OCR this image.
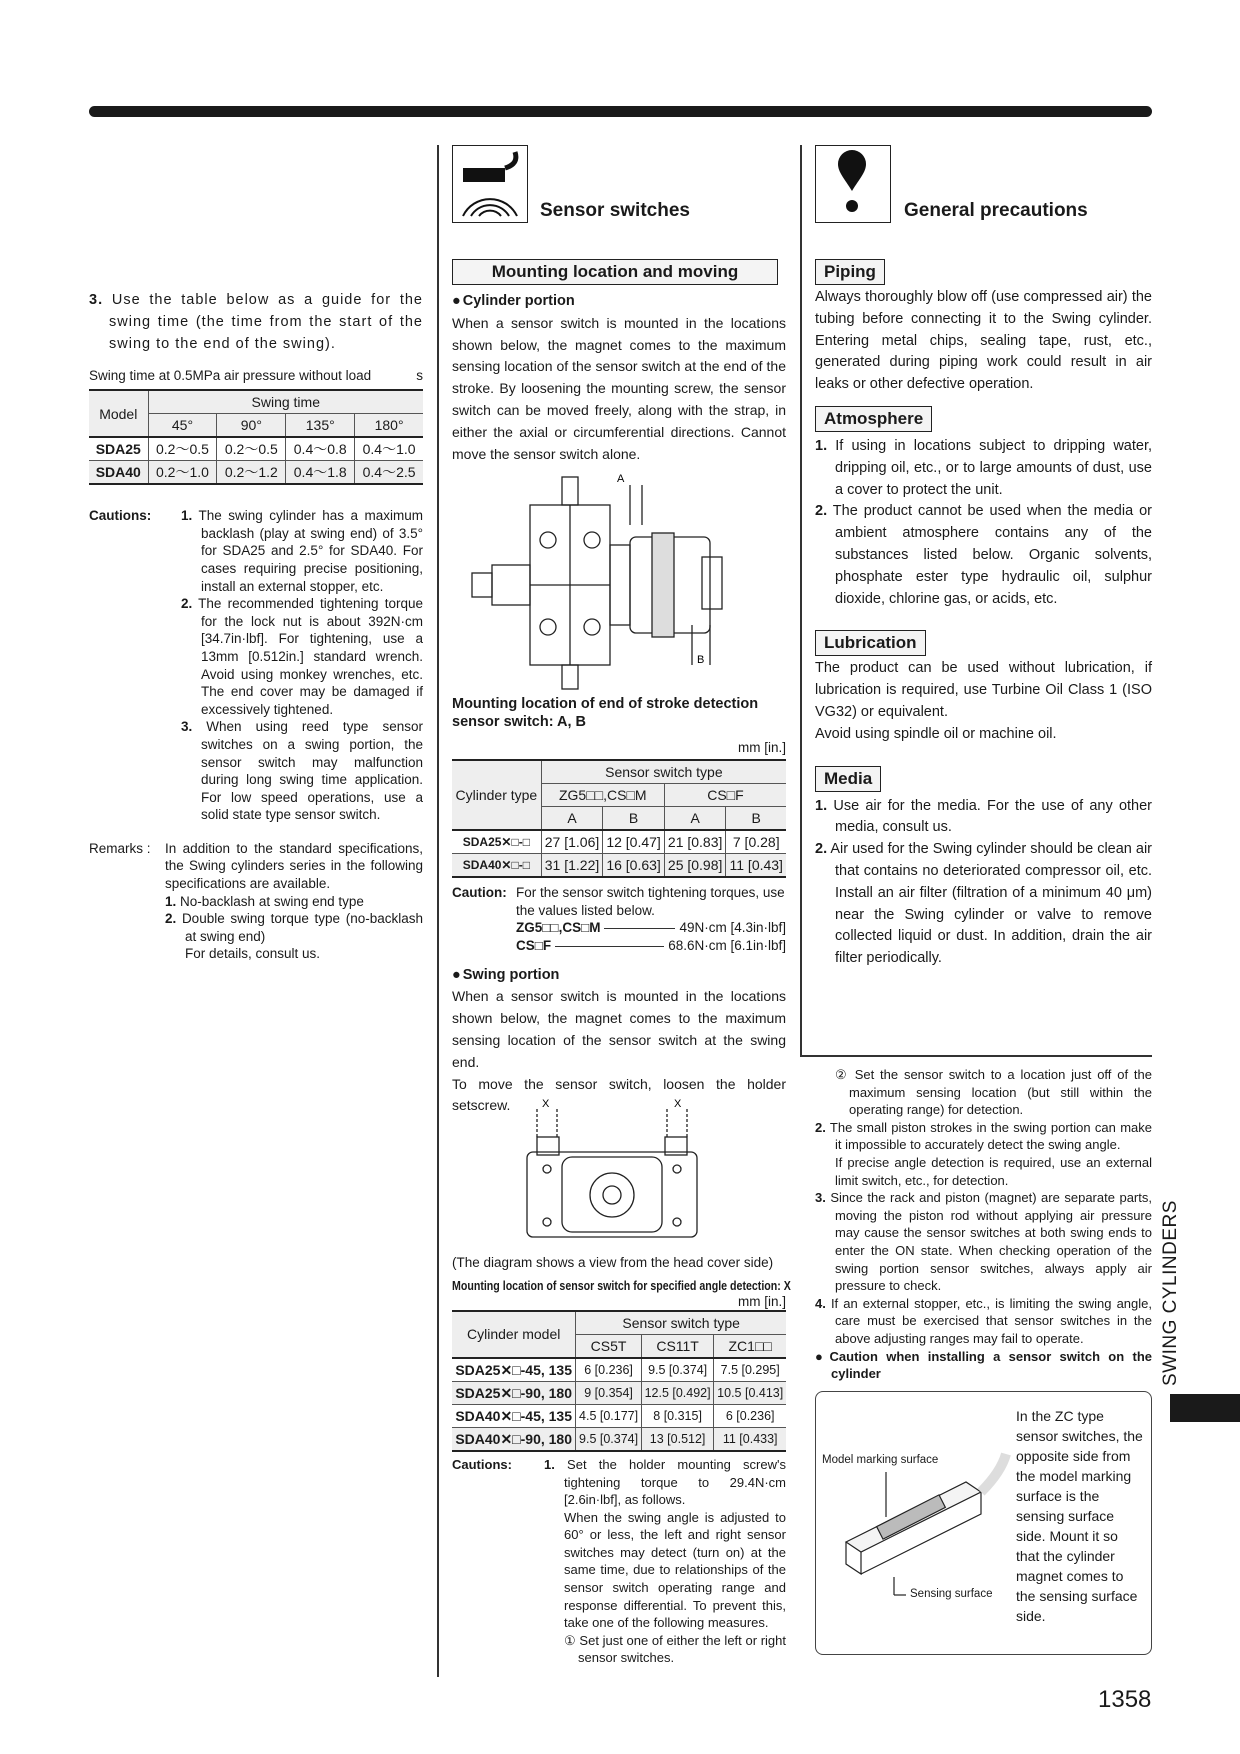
3. Use the table below as a guide for the swing time (the time from the start of the swing to the end of the swing).

Swing time at 0.5MPa air pressure without load	s
Model	Swing time			
	45°	90°	135°	180°
SDA25	0.2～0.5	0.2～0.5	0.4～0.8	0.4～1.0
SDA40	0.2～1.0	0.2～1.2	0.4～1.8	0.4～2.5
Cautions: 1. The swing cylinder has a maximum backlash (play at swing end) of 3.5° for SDA25 and 2.5° for SDA40. For cases requiring precise positioning, install an external stopper, etc.

2. The recommended tightening torque for the lock nut is about 392N·cm [34.7in·lbf]. For tightening, use a 13mm [0.512in.] standard wrench. Avoid using monkey wrenches, etc. The end cover may be damaged if excessively tightened.

3. When using reed type sensor switches on a swing portion, the sensor switch may malfunction during long swing time application. For low speed operations, use a solid state type sensor switch.

Remarks : In addition to the standard specifications, the Swing cylinders series in the following specifications are available.

1. No-backlash at swing end type

2. Double swing torque type (no-backlash at swing end)

For details, consult us.

Sensor switches
Mounting location and moving

● Cylinder portion

When a sensor switch is mounted in the locations shown below, the magnet comes to the maximum sensing location of the sensor switch at the end of the stroke. By loosening the mounting screw, the sensor switch can be moved freely, along with the strap, in either the axial or circumferential directions. Cannot move the sensor switch alone.

A
B

Mounting location of end of stroke detection sensor switch: A, B

mm [in.]

Cylinder type	Sensor switch type			
	ZG5□□,CS□M		CS□F	
	A	B	A	B
SDA25✕□-□	27 [1.06]	12 [0.47]	21 [0.83]	7 [0.28]
SDA40✕□-□	31 [1.22]	16 [0.63]	25 [0.98]	11 [0.43]
Caution: For the sensor switch tightening torques, use the values listed below.

ZG5□□,CS□M	49N·cm [4.3in·lbf]

CS□F	68.6N·cm [6.1in·lbf]

● Swing portion

When a sensor switch is mounted in the locations shown below, the magnet comes to the maximum sensing location of the sensor switch at the swing end.

To move the sensor switch, loosen the holder setscrew.	X	X

(The diagram shows a view from the head cover side)

Mounting location of sensor switch for specified angle detection: X

mm [in.]

Cylinder model	Sensor switch type		
	CS5T	CS11T	ZC1□□
SDA25✕□-45, 135	6 [0.236]	9.5 [0.374]	7.5 [0.295]
SDA25✕□-90, 180	9 [0.354]	12.5 [0.492]	10.5 [0.413]
SDA40✕□-45, 135	4.5 [0.177]	8 [0.315]	6 [0.236]
SDA40✕□-90, 180	9.5 [0.374]	13 [0.512]	11 [0.433]
Cautions: 1. Set the holder mounting screw's tightening torque to 29.4N·cm [2.6in·lbf], as follows.

When the swing angle is adjusted to 60° or less, the left and right sensor switches may detect (turn on) at the same time, due to relationships of the sensor switch operating range and response differential. To prevent this, take one of the following measures.

① Set just one of either the left or right sensor switches.

General precautions
Piping

Always thoroughly blow off (use compressed air) the tubing before connecting it to the Swing cylinder. Entering metal chips, sealing tape, rust, etc., generated during piping work could result in air leaks or other defective operation.

Atmosphere

1. If using in locations subject to dripping water, dripping oil, etc., or to large amounts of dust, use a cover to protect the unit.

2. The product cannot be used when the media or ambient atmosphere contains any of the substances listed below. Organic solvents, phosphate ester type hydraulic oil, sulphur dioxide, chlorine gas, or acids, etc.

Lubrication

The product can be used without lubrication, if lubrication is required, use Turbine Oil Class 1 (ISO VG32) or equivalent.

Avoid using spindle oil or machine oil.

Media

1. Use air for the media. For the use of any other media, consult us.

2. Air used for the Swing cylinder should be clean air that contains no deteriorated compressor oil, etc. Install an air filter (filtration of a minimum 40 μm) near the Swing cylinder or valve to remove collected liquid or dust. In addition, drain the air filter periodically.

② Set the sensor switch to a location just off of the maximum sensing location (but still within the operating range) for detection.

2. The small piston strokes in the swing portion can make it impossible to accurately detect the swing angle.

If precise angle detection is required, use an external limit switch, etc., for detection.

3. Since the rack and piston (magnet) are separate parts, moving the piston rod without applying air pressure may cause the sensor switches at both swing ends to enter the ON state. When checking operation of the swing portion sensor switches, always apply air pressure to check.

4. If an external stopper, etc., is limiting the swing angle, care must be exercised that sensor switches in the above adjusting ranges may fail to operate.

● Caution when installing a sensor switch on the cylinder

Model marking surface
Sensing surface

In the ZC type sensor switches, the opposite side from the model marking surface is the sensing surface side. Mount it so that the cylinder magnet comes to the sensing surface side.

SWING CYLINDERS
1358
